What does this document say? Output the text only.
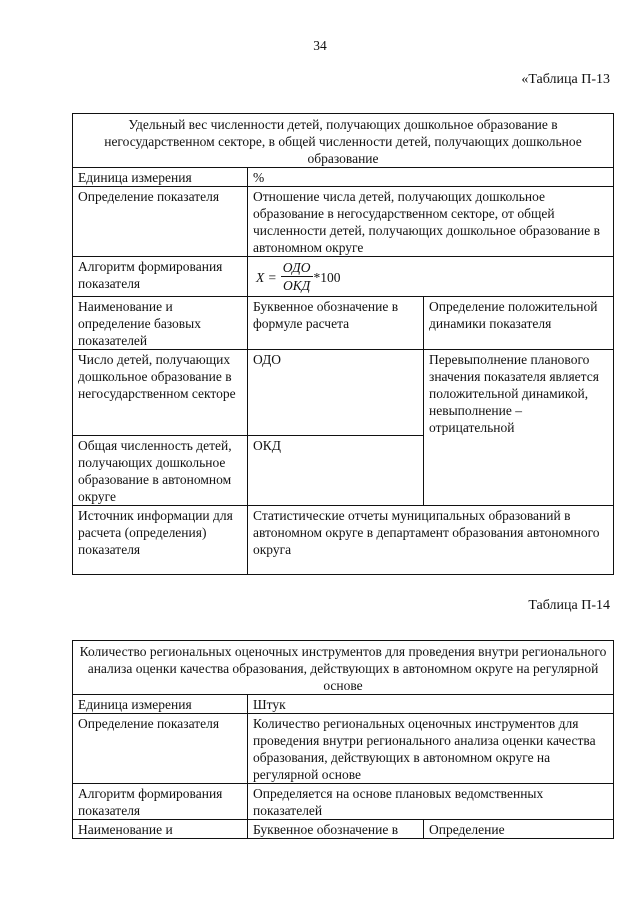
34
«Таблица П-13
Удельный вес численности детей, получающих дошкольное образование в негосударственном секторе, в общей численности детей, получающих дошкольное образование		
Единица измерения	%	
Определение показателя	Отношение числа детей, получающих дошкольное образование в негосударственном секторе, от общей численности детей, получающих дошкольное образование в автономном округе	
Алгоритм формирования показателя	$X = \frac{\text{ОДО}}{\text{ОКД}} *100$	

Наименование и определение базовых показателей	Буквенное обозначение в формуле расчета	Определение положительной динамики показателя
Число детей, получающих дошкольное образование в негосударственном секторе	ОДО	Перевыполнение планового значения показателя является положительной динамикой, невыполнение – отрицательной
Общая численность детей, получающих дошкольное образование в автономном округе	ОКД	
Источник информации для расчета (определения) показателя	Статистические отчеты муниципальных образований в автономном округе в департамент образования автономного округа	
Таблица П-14
Количество региональных оценочных инструментов для проведения внутри регионального анализа оценки качества образования, действующих в автономном округе на регулярной основе		
Единица измерения	Штук	
Определение показателя	Количество региональных оценочных инструментов для проведения внутри регионального анализа оценки качества образования, действующих в автономном округе на регулярной основе	
Алгоритм формирования показателя	Определяется на основе плановых ведомственных показателей	
Наименование и	Буквенное обозначение в	Определение
